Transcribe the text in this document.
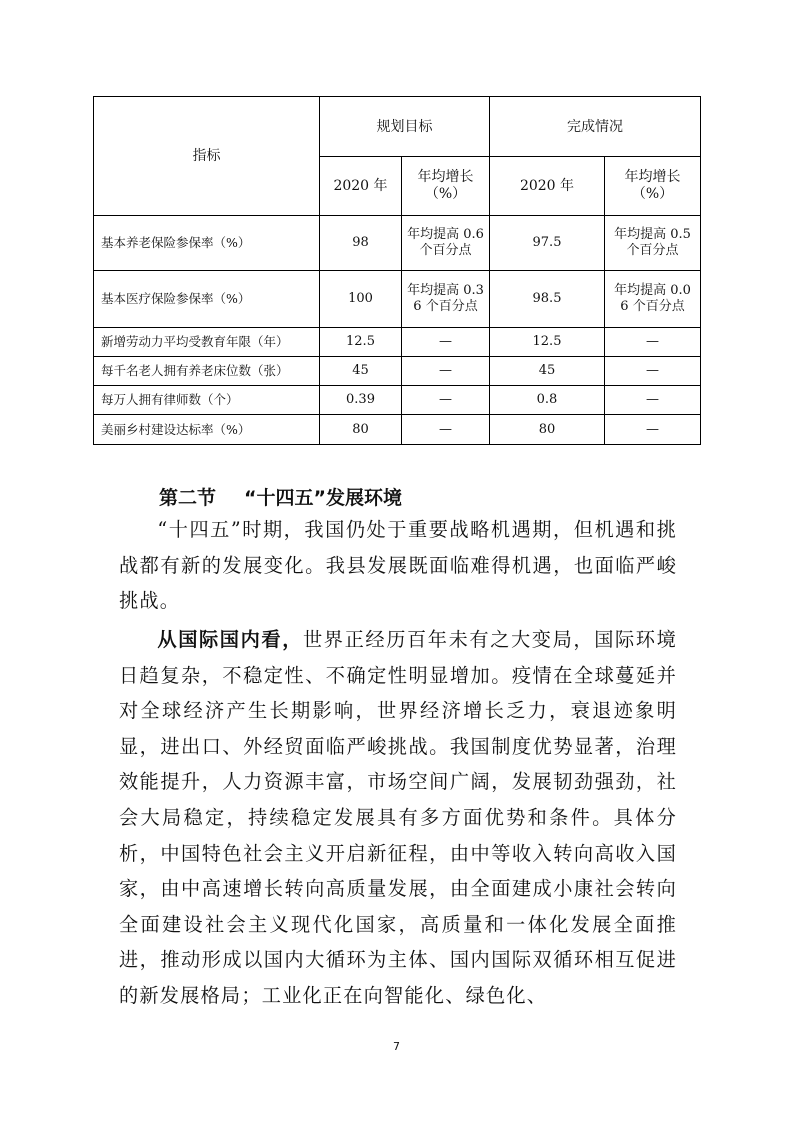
指标	规划目标		完成情况	
	2020 年	年均增长（%）	2020 年	年均增长（%）
基本养老保险参保率（%）	98	年均提高 0.6 个百分点	97.5	年均提高 0.5 个百分点
基本医疗保险参保率（%）	100	年均提高 0.36 个百分点	98.5	年均提高 0.06 个百分点
新增劳动力平均受教育年限（年）	12.5	—	12.5	—
每千名老人拥有养老床位数（张）	45	—	45	—
每万人拥有律师数（个）	0.39	—	0.8	—
美丽乡村建设达标率（%）	80	—	80	—
第二节 “十四五”发展环境

“十四五”时期，我国仍处于重要战略机遇期，但机遇和挑战都有新的发展变化。我县发展既面临难得机遇，也面临严峻挑战。

从国际国内看，世界正经历百年未有之大变局，国际环境日趋复杂，不稳定性、不确定性明显增加。疫情在全球蔓延并对全球经济产生长期影响，世界经济增长乏力，衰退迹象明显，进出口、外经贸面临严峻挑战。我国制度优势显著，治理效能提升，人力资源丰富，市场空间广阔，发展韧劲强劲，社会大局稳定，持续稳定发展具有多方面优势和条件。具体分析，中国特色社会主义开启新征程，由中等收入转向高收入国家，由中高速增长转向高质量发展，由全面建成小康社会转向全面建设社会主义现代化国家，高质量和一体化发展全面推进，推动形成以国内大循环为主体、国内国际双循环相互促进的新发展格局；工业化正在向智能化、绿色化、

7
